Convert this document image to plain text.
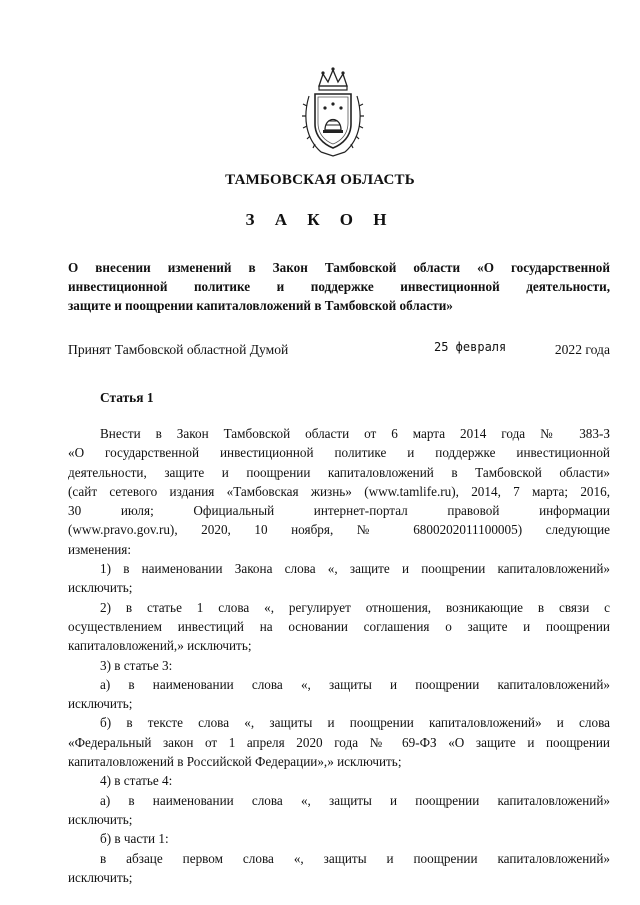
ТАМБОВСКАЯ ОБЛАСТЬ
З А К О Н
О внесении изменений в Закон Тамбовской области «О государственной
инвестиционной политике и поддержке инвестиционной деятельности,
защите и поощрении капиталовложений в Тамбовской области»
Принят Тамбовской областной Думой	25 февраля	2022 года
Статья 1
Внести в Закон Тамбовской области от 6 марта 2014 года № 383-З
«О государственной инвестиционной политике и поддержке инвестиционной
деятельности, защите и поощрении капиталовложений в Тамбовской области»
(сайт сетевого издания «Тамбовская жизнь» (www.tamlife.ru), 2014, 7 марта; 2016,
30 июля; Официальный интернет-портал правовой информации
(www.pravo.gov.ru), 2020, 10 ноября, № 6800202011100005) следующие
изменения:
1) в наименовании Закона слова «, защите и поощрении капиталовложений»
исключить;
2) в статье 1 слова «, регулирует отношения, возникающие в связи с
осуществлением инвестиций на основании соглашения о защите и поощрении
капиталовложений,» исключить;
3) в статье 3:
а) в наименовании слова «, защиты и поощрении капиталовложений»
исключить;
б) в тексте слова «, защиты и поощрении капиталовложений» и слова
«Федеральный закон от 1 апреля 2020 года № 69-ФЗ «О защите и поощрении
капиталовложений в Российской Федерации»,» исключить;
4) в статье 4:
а) в наименовании слова «, защиты и поощрении капиталовложений»
исключить;
б) в части 1:
в абзаце первом слова «, защиты и поощрении капиталовложений»
исключить;
